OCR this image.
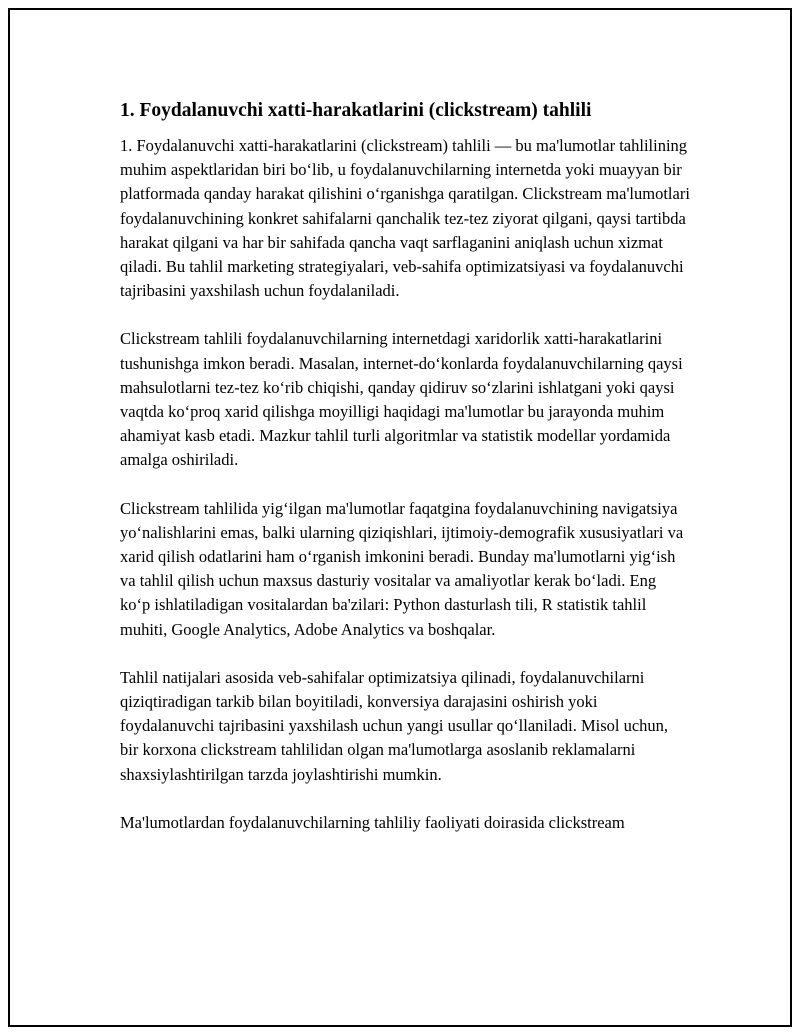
1. Foydalanuvchi xatti-harakatlarini (clickstream) tahlili

1. Foydalanuvchi xatti-harakatlarini (clickstream) tahlili — bu ma'lumotlar tahlilining muhim aspektlaridan biri bo‘lib, u foydalanuvchilarning internetda yoki muayyan bir platformada qanday harakat qilishini o‘rganishga qaratilgan. Clickstream ma'lumotlari foydalanuvchining konkret sahifalarni qanchalik tez-tez ziyorat qilgani, qaysi tartibda harakat qilgani va har bir sahifada qancha vaqt sarflaganini aniqlash uchun xizmat qiladi. Bu tahlil marketing strategiyalari, veb-sahifa optimizatsiyasi va foydalanuvchi tajribasini yaxshilash uchun foydalaniladi.

Clickstream tahlili foydalanuvchilarning internetdagi xaridorlik xatti-harakatlarini tushunishga imkon beradi. Masalan, internet-do‘konlarda foydalanuvchilarning qaysi mahsulotlarni tez-tez ko‘rib chiqishi, qanday qidiruv so‘zlarini ishlatgani yoki qaysi vaqtda ko‘proq xarid qilishga moyilligi haqidagi ma'lumotlar bu jarayonda muhim ahamiyat kasb etadi. Mazkur tahlil turli algoritmlar va statistik modellar yordamida amalga oshiriladi.

Clickstream tahlilida yig‘ilgan ma'lumotlar faqatgina foydalanuvchining navigatsiya yo‘nalishlarini emas, balki ularning qiziqishlari, ijtimoiy-demografik xususiyatlari va xarid qilish odatlarini ham o‘rganish imkonini beradi. Bunday ma'lumotlarni yig‘ish va tahlil qilish uchun maxsus dasturiy vositalar va amaliyotlar kerak bo‘ladi. Eng ko‘p ishlatiladigan vositalardan ba'zilari: Python dasturlash tili, R statistik tahlil muhiti, Google Analytics, Adobe Analytics va boshqalar.

Tahlil natijalari asosida veb-sahifalar optimizatsiya qilinadi, foydalanuvchilarni qiziqtiradigan tarkib bilan boyitiladi, konversiya darajasini oshirish yoki foydalanuvchi tajribasini yaxshilash uchun yangi usullar qo‘llaniladi. Misol uchun, bir korxona clickstream tahlilidan olgan ma'lumotlarga asoslanib reklamalarni shaxsiylashtirilgan tarzda joylashtirishi mumkin.

Ma'lumotlardan foydalanuvchilarning tahliliy faoliyati doirasida clickstream
